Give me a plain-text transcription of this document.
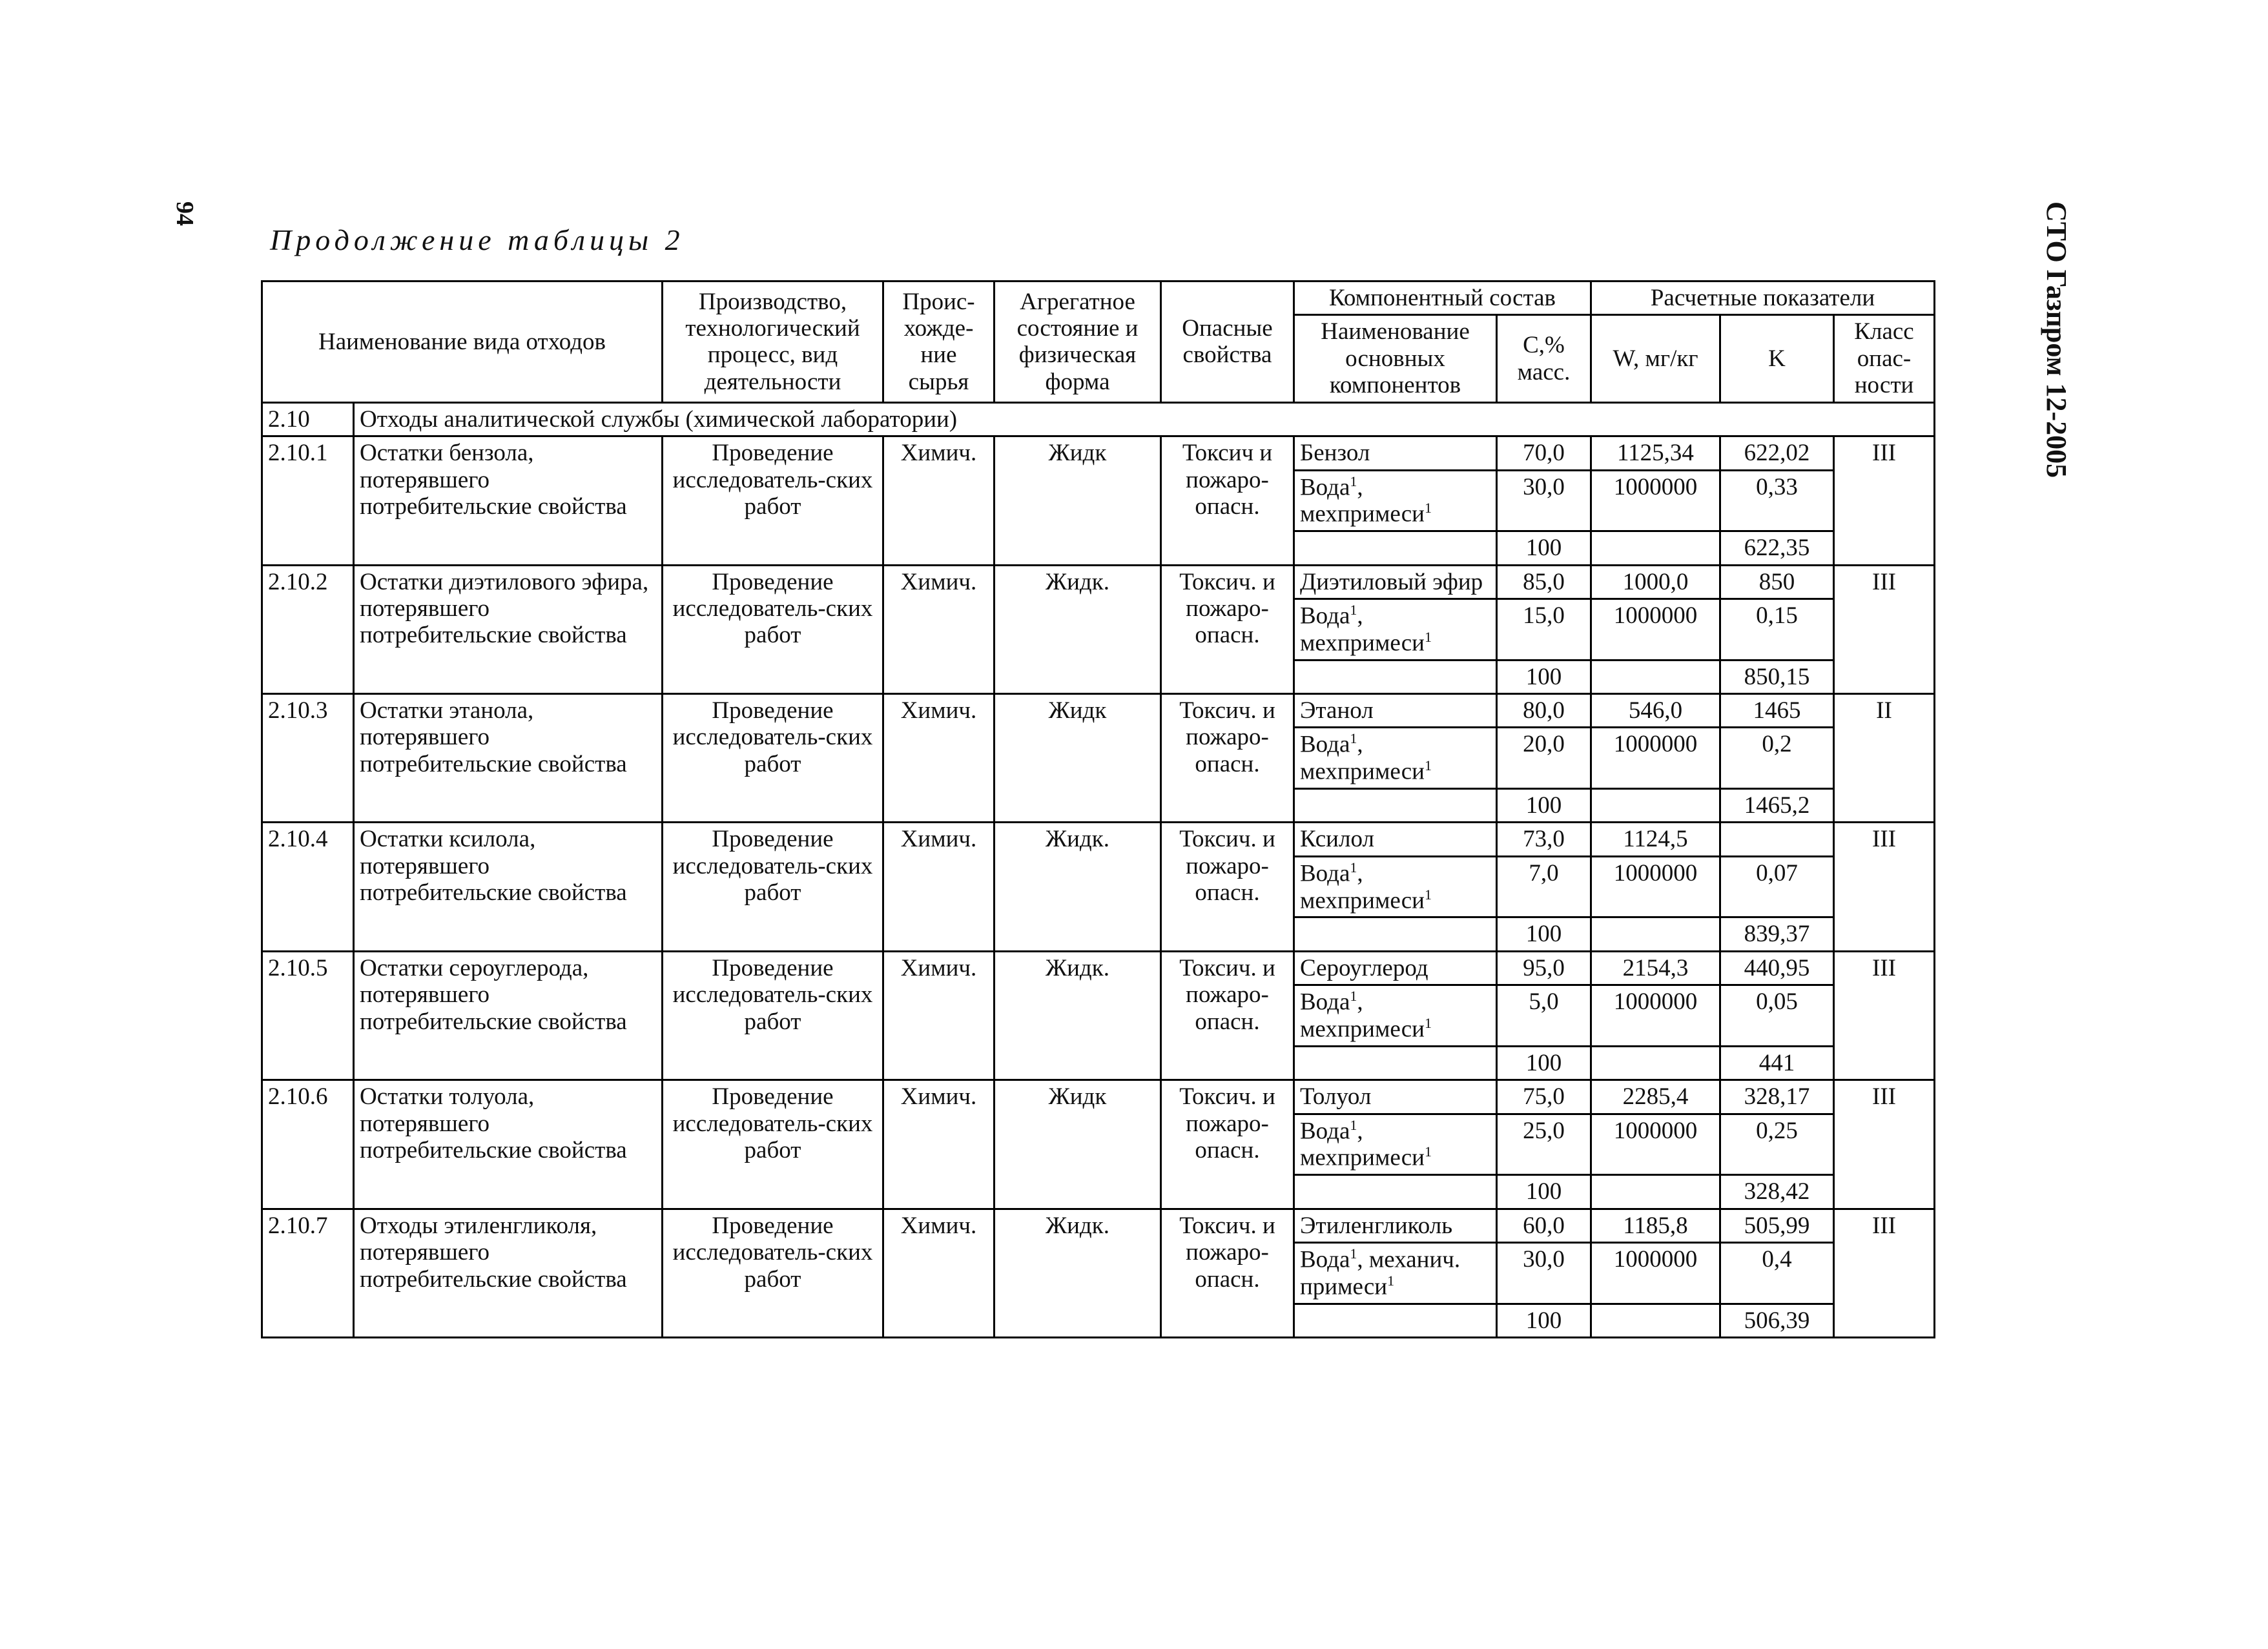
94	СТО Газпром 12-2005
Продолжение таблицы 2
Наименование вида отходов		Производство, технологический процесс, вид деятельности	Проис-хожде-ние сырья	Агрегатное состояние и физическая форма	Опасные свойства	Компонентный состав		Расчетные показатели		
						Наименование основных компонентов	С,% масс.	W, мг/кг	K	Класс опас-ности
2.10	Отходы аналитической службы (химической лаборатории)									
2.10.1	Остатки бензола, потерявшего потребительские свойства	Проведение исследователь-ских работ	Химич.	Жидк	Токсич и пожаро-опасн.	Бензол	70,0	1125,34	622,02	III
						Вода$^1$, мехпримеси$^1$	30,0	1000000	0,33	
							100		622,35	
2.10.2	Остатки диэтилового эфира, потерявшего потребительские свойства	Проведение исследователь-ских работ	Химич.	Жидк.	Токсич. и пожаро-опасн.	Диэтиловый эфир	85,0	1000,0	850	III
						Вода$^1$, мехпримеси$^1$	15,0	1000000	0,15	
							100		850,15	
2.10.3	Остатки этанола, потерявшего потребительские свойства	Проведение исследователь-ских работ	Химич.	Жидк	Токсич. и пожаро-опасн.	Этанол	80,0	546,0	1465	II
						Вода$^1$, мехпримеси$^1$	20,0	1000000	0,2	
							100		1465,2	
2.10.4	Остатки ксилола, потерявшего потребительские свойства	Проведение исследователь-ских работ	Химич.	Жидк.	Токсич. и пожаро-опасн.	Ксилол	73,0	1124,5		III
						Вода$^1$, мехпримеси$^1$	7,0	1000000	0,07	
							100		839,37	
2.10.5	Остатки сероуглерода, потерявшего потребительские свойства	Проведение исследователь-ских работ	Химич.	Жидк.	Токсич. и пожаро-опасн.	Сероуглерод	95,0	2154,3	440,95	III
						Вода$^1$, мехпримеси$^1$	5,0	1000000	0,05	
							100		441	
2.10.6	Остатки толуола, потерявшего потребительские свойства	Проведение исследователь-ских работ	Химич.	Жидк	Токсич. и пожаро-опасн.	Толуол	75,0	2285,4	328,17	III
						Вода$^1$, мехпримеси$^1$	25,0	1000000	0,25	
							100		328,42	
2.10.7	Отходы этиленгликоля, потерявшего потребительские свойства	Проведение исследователь-ских работ	Химич.	Жидк.	Токсич. и пожаро-опасн.	Этиленгликоль	60,0	1185,8	505,99	III
						Вода$^1$, механич. примеси$^1$	30,0	1000000	0,4	
							100		506,39	
